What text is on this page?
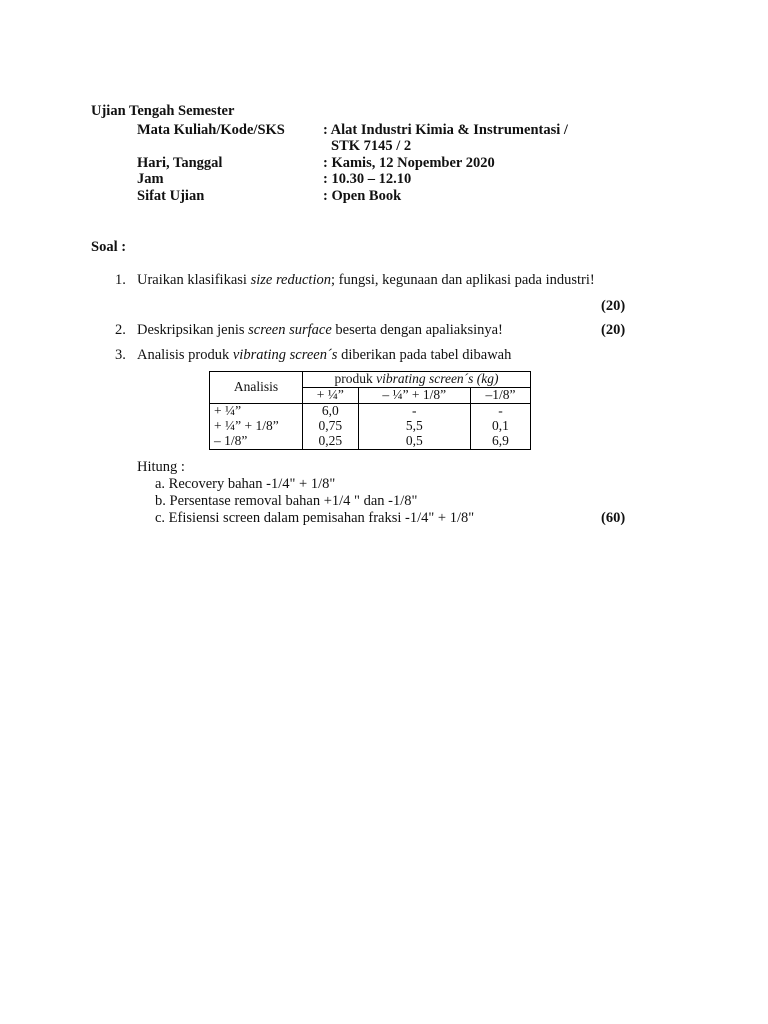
Ujian Tengah Semester
Mata Kuliah/Kode/SKS	: Alat Industri Kimia & Instrumentasi /
STK 7145 / 2
Hari, Tanggal	: Kamis, 12 Nopember 2020
Jam	: 10.30 – 12.10
Sifat Ujian	: Open Book
Soal :
1. Uraikan klasifikasi size reduction; fungsi, kegunaan dan aplikasi pada industri!
(20)
2. Deskripsikan jenis screen surface beserta dengan apaliaksinya!	(20)
3. Analisis produk vibrating screen´s diberikan pada tabel dibawah
Analisis	produk vibrating screen´s (kg)		
	+ ¼”	– ¼” + 1/8”	–1/8”
+ ¼”	6,0	-	-
+ ¼” + 1/8”	0,75	5,5	0,1
– 1/8”	0,25	0,5	6,9
Hitung :
a. Recovery bahan -1/4" + 1/8"
b. Persentase removal bahan +1/4 " dan -1/8"
c. Efisiensi screen dalam pemisahan fraksi -1/4" + 1/8"	(60)
